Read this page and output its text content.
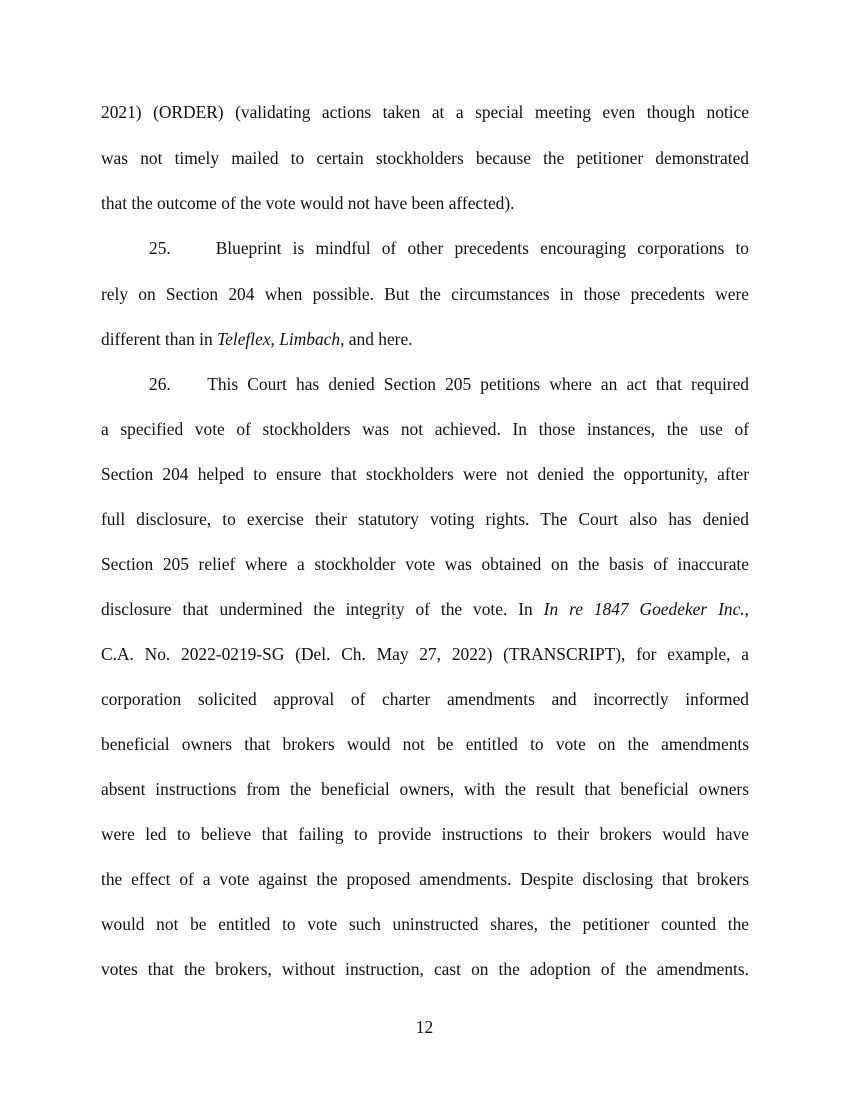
2021) (ORDER) (validating actions taken at a special meeting even though notice
was not timely mailed to certain stockholders because the petitioner demonstrated
that the outcome of the vote would not have been affected).
25.    Blueprint is mindful of other precedents encouraging corporations to
rely on Section 204 when possible. But the circumstances in those precedents were
different than in Teleflex, Limbach, and here.
26.    This Court has denied Section 205 petitions where an act that required
a specified vote of stockholders was not achieved. In those instances, the use of
Section 204 helped to ensure that stockholders were not denied the opportunity, after
full disclosure, to exercise their statutory voting rights. The Court also has denied
Section 205 relief where a stockholder vote was obtained on the basis of inaccurate
disclosure that undermined the integrity of the vote. In In re 1847 Goedeker Inc.,
C.A. No. 2022-0219-SG (Del. Ch. May 27, 2022) (TRANSCRIPT), for example, a
corporation solicited approval of charter amendments and incorrectly informed
beneficial owners that brokers would not be entitled to vote on the amendments
absent instructions from the beneficial owners, with the result that beneficial owners
were led to believe that failing to provide instructions to their brokers would have
the effect of a vote against the proposed amendments. Despite disclosing that brokers
would not be entitled to vote such uninstructed shares, the petitioner counted the
votes that the brokers, without instruction, cast on the adoption of the amendments.
12
